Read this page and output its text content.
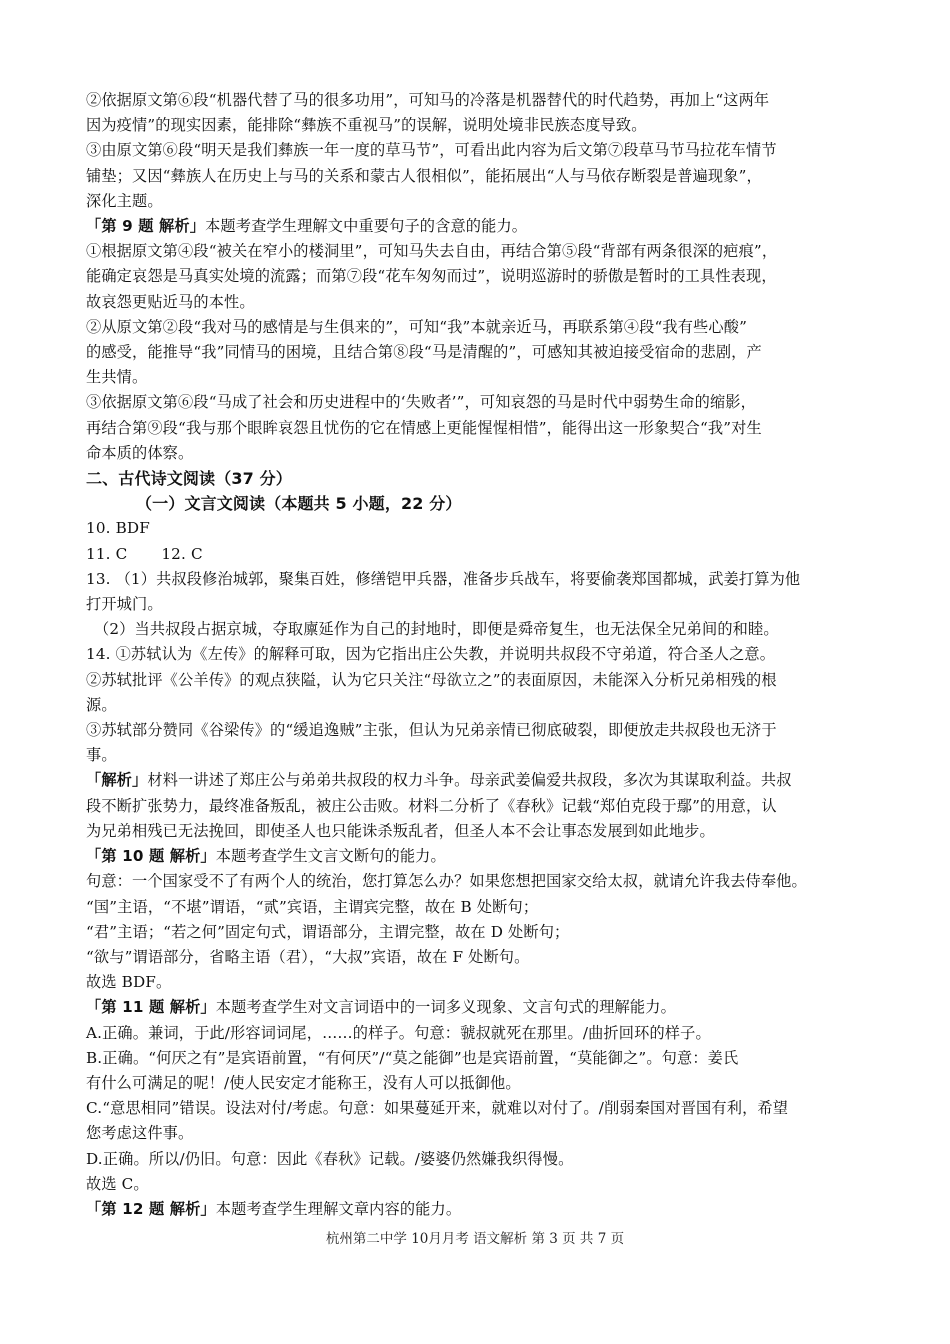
②依据原文第⑥段“机器代替了马的很多功用”，可知马的冷落是机器替代的时代趋势，再加上“这两年

因为疫情”的现实因素，能排除“彝族不重视马”的误解，说明处境非民族态度导致。

③由原文第⑥段“明天是我们彝族一年一度的草马节”，可看出此内容为后文第⑦段草马节马拉花车情节

铺垫；又因“彝族人在历史上与马的关系和蒙古人很相似”，能拓展出“人与马依存断裂是普遍现象”，

深化主题。

「第 9 题 解析」本题考查学生理解文中重要句子的含意的能力。

①根据原文第④段“被关在窄小的楼洞里”，可知马失去自由，再结合第⑤段“背部有两条很深的疤痕”，

能确定哀怨是马真实处境的流露；而第⑦段“花车匆匆而过”，说明巡游时的骄傲是暂时的工具性表现，

故哀怨更贴近马的本性。

②从原文第②段“我对马的感情是与生俱来的”，可知“我”本就亲近马，再联系第④段“我有些心酸”

的感受，能推导“我”同情马的困境，且结合第⑧段“马是清醒的”，可感知其被迫接受宿命的悲剧，产

生共情。

③依据原文第⑥段“马成了社会和历史进程中的‘失败者’”，可知哀怨的马是时代中弱势生命的缩影，

再结合第⑨段“我与那个眼眸哀怨且忧伤的它在情感上更能惺惺相惜”，能得出这一形象契合“我”对生

命本质的体察。

二、古代诗文阅读（37 分）

（一）文言文阅读（本题共 5 小题，22 分）

10. BDF

11. C 12. C

13. （1）共叔段修治城郭，聚集百姓，修缮铠甲兵器，准备步兵战车，将要偷袭郑国都城，武姜打算为他

打开城门。

（2）当共叔段占据京城，夺取廪延作为自己的封地时，即便是舜帝复生，也无法保全兄弟间的和睦。

14. ①苏轼认为《左传》的解释可取，因为它指出庄公失教，并说明共叔段不守弟道，符合圣人之意。

②苏轼批评《公羊传》的观点狭隘，认为它只关注“母欲立之”的表面原因，未能深入分析兄弟相残的根

源。

③苏轼部分赞同《谷梁传》的“缓追逸贼”主张，但认为兄弟亲情已彻底破裂，即便放走共叔段也无济于

事。

「解析」材料一讲述了郑庄公与弟弟共叔段的权力斗争。母亲武姜偏爱共叔段，多次为其谋取利益。共叔

段不断扩张势力，最终准备叛乱，被庄公击败。材料二分析了《春秋》记载“郑伯克段于鄢”的用意，认

为兄弟相残已无法挽回，即使圣人也只能诛杀叛乱者，但圣人本不会让事态发展到如此地步。

「第 10 题 解析」本题考查学生文言文断句的能力。

句意：一个国家受不了有两个人的统治，您打算怎么办？如果您想把国家交给太叔，就请允许我去侍奉他。

“国”主语，“不堪”谓语，“贰”宾语，主谓宾完整，故在 B 处断句；

“君”主语；“若之何”固定句式，谓语部分，主谓完整，故在 D 处断句；

“欲与”谓语部分，省略主语（君），“大叔”宾语，故在 F 处断句。

故选 BDF。

「第 11 题 解析」本题考查学生对文言词语中的一词多义现象、文言句式的理解能力。

A.正确。兼词，于此/形容词词尾，……的样子。句意：虢叔就死在那里。/曲折回环的样子。

B.正确。“何厌之有”是宾语前置，“有何厌”/“莫之能御”也是宾语前置，“莫能御之”。句意：姜氏

有什么可满足的呢！/使人民安定才能称王，没有人可以抵御他。

C.“意思相同”错误。设法对付/考虑。句意：如果蔓延开来，就难以对付了。/削弱秦国对晋国有利，希望

您考虑这件事。

D.正确。所以/仍旧。句意：因此《春秋》记载。/婆婆仍然嫌我织得慢。

故选 C。

「第 12 题 解析」本题考查学生理解文章内容的能力。

杭州第二中学 10月月考 语文解析 第 3 页 共 7 页
